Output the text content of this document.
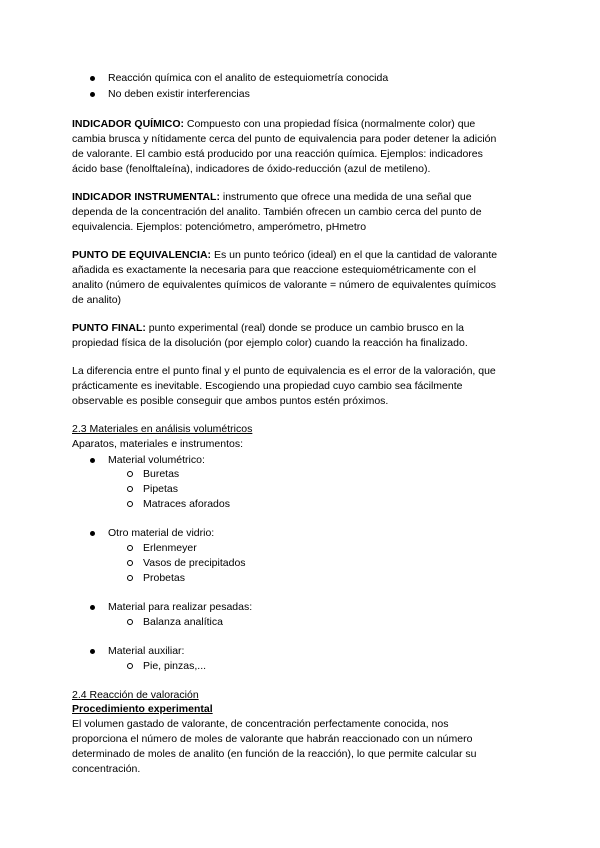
Reacción química con el analito de estequiometría conocida
No deben existir interferencias
INDICADOR QUÍMICO: Compuesto con una propiedad física (normalmente color) que
cambia brusca y nítidamente cerca del punto de equivalencia para poder detener la adición
de valorante. El cambio está producido por una reacción química. Ejemplos: indicadores
ácido base (fenolftaleína), indicadores de óxido-reducción (azul de metileno).
INDICADOR INSTRUMENTAL: instrumento que ofrece una medida de una señal que
dependa de la concentración del analito. También ofrecen un cambio cerca del punto de
equivalencia. Ejemplos: potenciómetro, amperómetro, pHmetro
PUNTO DE EQUIVALENCIA: Es un punto teórico (ideal) en el que la cantidad de valorante
añadida es exactamente la necesaria para que reaccione estequiométricamente con el
analito (número de equivalentes químicos de valorante = número de equivalentes químicos
de analito)
PUNTO FINAL: punto experimental (real) donde se produce un cambio brusco en la
propiedad física de la disolución (por ejemplo color) cuando la reacción ha finalizado.
La diferencia entre el punto final y el punto de equivalencia es el error de la valoración, que
prácticamente es inevitable. Escogiendo una propiedad cuyo cambio sea fácilmente
observable es posible conseguir que ambos puntos estén próximos.
2.3 Materiales en análisis volumétricos
Aparatos, materiales e instrumentos:
Material volumétrico:
Buretas
Pipetas
Matraces aforados
Otro material de vidrio:
Erlenmeyer
Vasos de precipitados
Probetas
Material para realizar pesadas:
Balanza analítica
Material auxiliar:
Pie, pinzas,...
2.4 Reacción de valoración
Procedimiento experimental
El volumen gastado de valorante, de concentración perfectamente conocida, nos
proporciona el número de moles de valorante que habrán reaccionado con un número
determinado de moles de analito (en función de la reacción), lo que permite calcular su
concentración.
